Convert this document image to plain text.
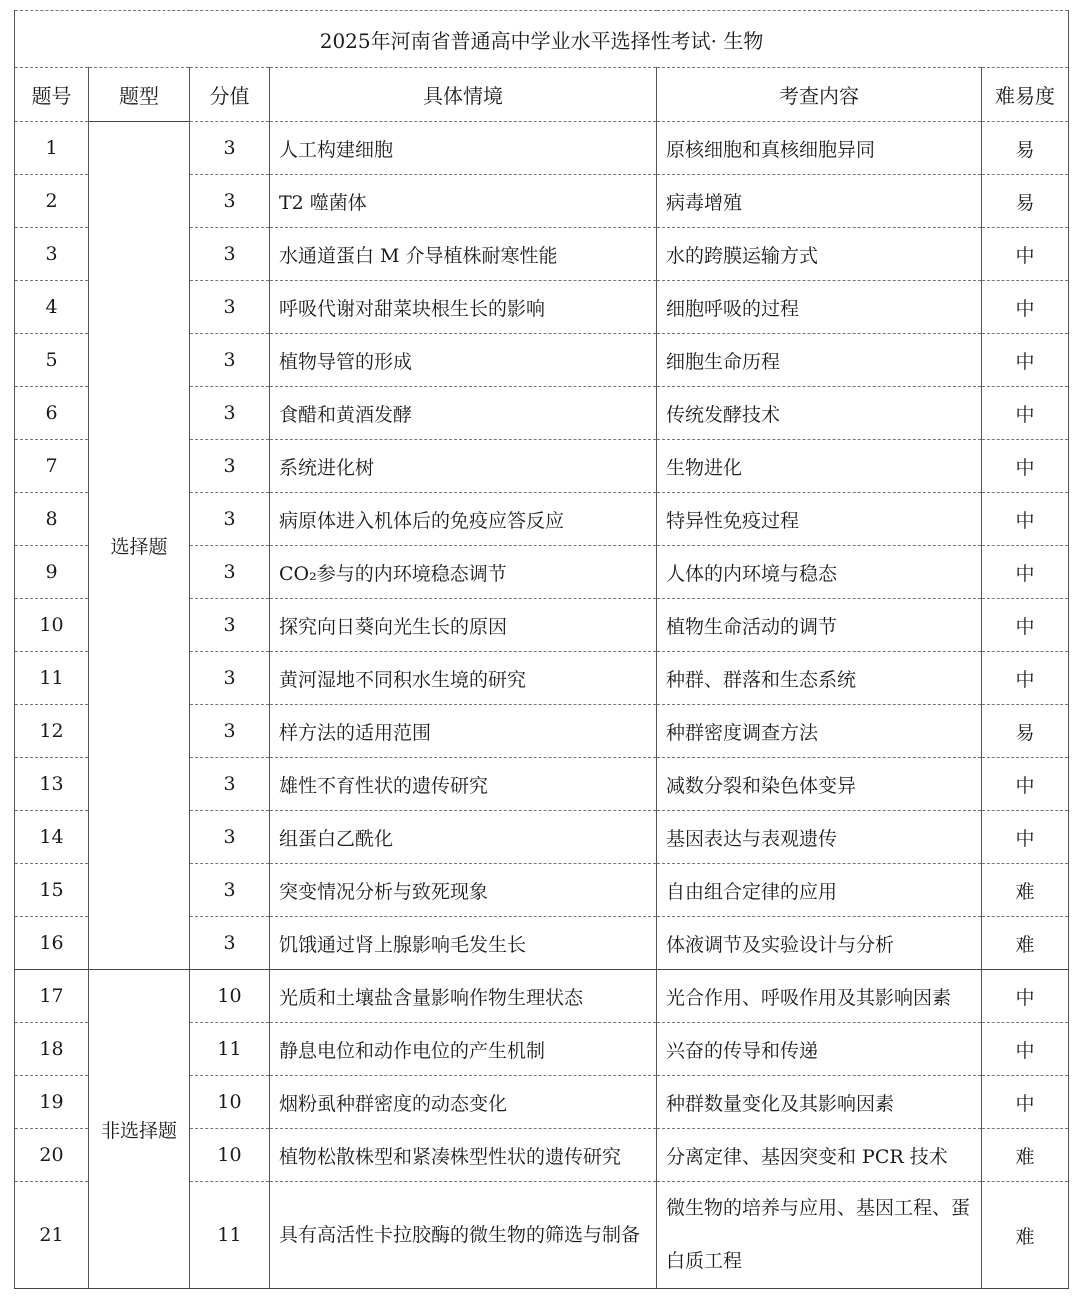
2025年河南省普通高中学业水平选择性考试· 生物					
题号	题型	分值	具体情境	考查内容	难易度
1	选择题	3	人工构建细胞	原核细胞和真核细胞异同	易
2		3	T2 噬菌体	病毒增殖	易
3		3	水通道蛋白 M 介导植株耐寒性能	水的跨膜运输方式	中
4		3	呼吸代谢对甜菜块根生长的影响	细胞呼吸的过程	中
5		3	植物导管的形成	细胞生命历程	中
6		3	食醋和黄酒发酵	传统发酵技术	中
7		3	系统进化树	生物进化	中
8		3	病原体进入机体后的免疫应答反应	特异性免疫过程	中
9		3	CO₂参与的内环境稳态调节	人体的内环境与稳态	中
10		3	探究向日葵向光生长的原因	植物生命活动的调节	中
11		3	黄河湿地不同积水生境的研究	种群、群落和生态系统	中
12		3	样方法的适用范围	种群密度调查方法	易
13		3	雄性不育性状的遗传研究	减数分裂和染色体变异	中
14		3	组蛋白乙酰化	基因表达与表观遗传	中
15		3	突变情况分析与致死现象	自由组合定律的应用	难
16		3	饥饿通过肾上腺影响毛发生长	体液调节及实验设计与分析	难
17	非选择题	10	光质和土壤盐含量影响作物生理状态	光合作用、呼吸作用及其影响因素	中
18		11	静息电位和动作电位的产生机制	兴奋的传导和传递	中
19		10	烟粉虱种群密度的动态变化	种群数量变化及其影响因素	中
20		10	植物松散株型和紧凑株型性状的遗传研究	分离定律、基因突变和 PCR 技术	难
21		11	具有高活性卡拉胶酶的微生物的筛选与制备	微生物的培养与应用、基因工程、蛋白质工程	难
